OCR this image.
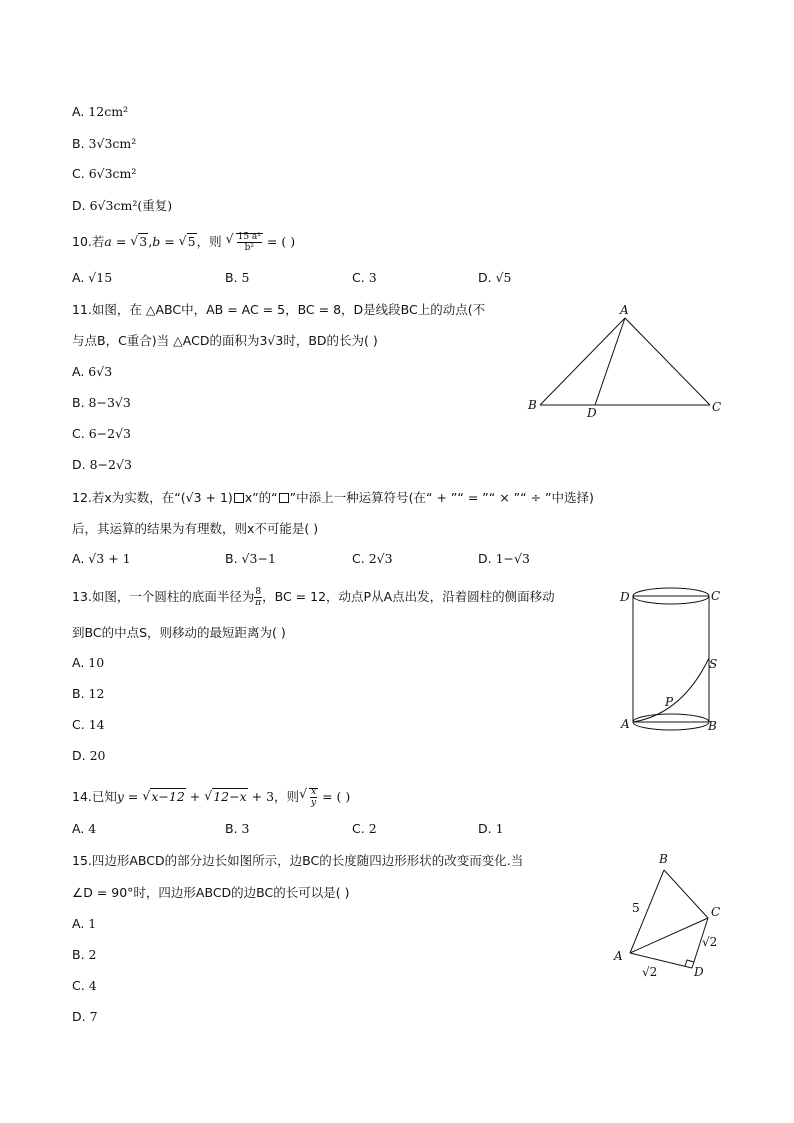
A. 12cm²
B. 3√3cm²
C. 6√3cm²
D. 6√3cm²(重复)
10.若a = √ 3,b = √ 5，则 √ $\frac{\text{15 a²}}{\text{b²}}$ = ( )
A. √15	B. 5	C. 3	D. √5
11.如图，在 △ABC中，AB = AC = 5，BC = 8，D是线段BC上的动点(不
与点B，C重合)当 △ACD的面积为3√3时，BD的长为( )
A. 6√3
B. 8−3√3
C. 6−2√3
D. 8−2√3
A
B	C
D
12.若x为实数，在“(√3 + 1) x”的“ ”中添上一种运算符号(在“ + ”“ = ”“ × ”“ ÷ ”中选择)
后，其运算的结果为有理数，则x不可能是( )
A. √3 + 1	B. √3−1	C. 2√3	D. 1−√3
13.如图，一个圆柱的底面半径为 $\frac{8}{\pi}$ ，BC = 12，动点P从A点出发，沿着圆柱的侧面移动
到BC的中点S，则移动的最短距离为( )
A. 10
B. 12
C. 14
D. 20
D	C
S
P
A	B
14.已知y = √ x−12 + √ 12−x + 3，则 √ $\frac{x}{y}$ = ( )
A. 4	B. 3	C. 2	D. 1
15.四边形ABCD的部分边长如图所示，边BC的长度随四边形形状的改变而变化.当
∠D = 90°时，四边形ABCD的边BC的长可以是( )
A. 1
B. 2
C. 4
D. 7
B
C
A
D
5
√2
√2
